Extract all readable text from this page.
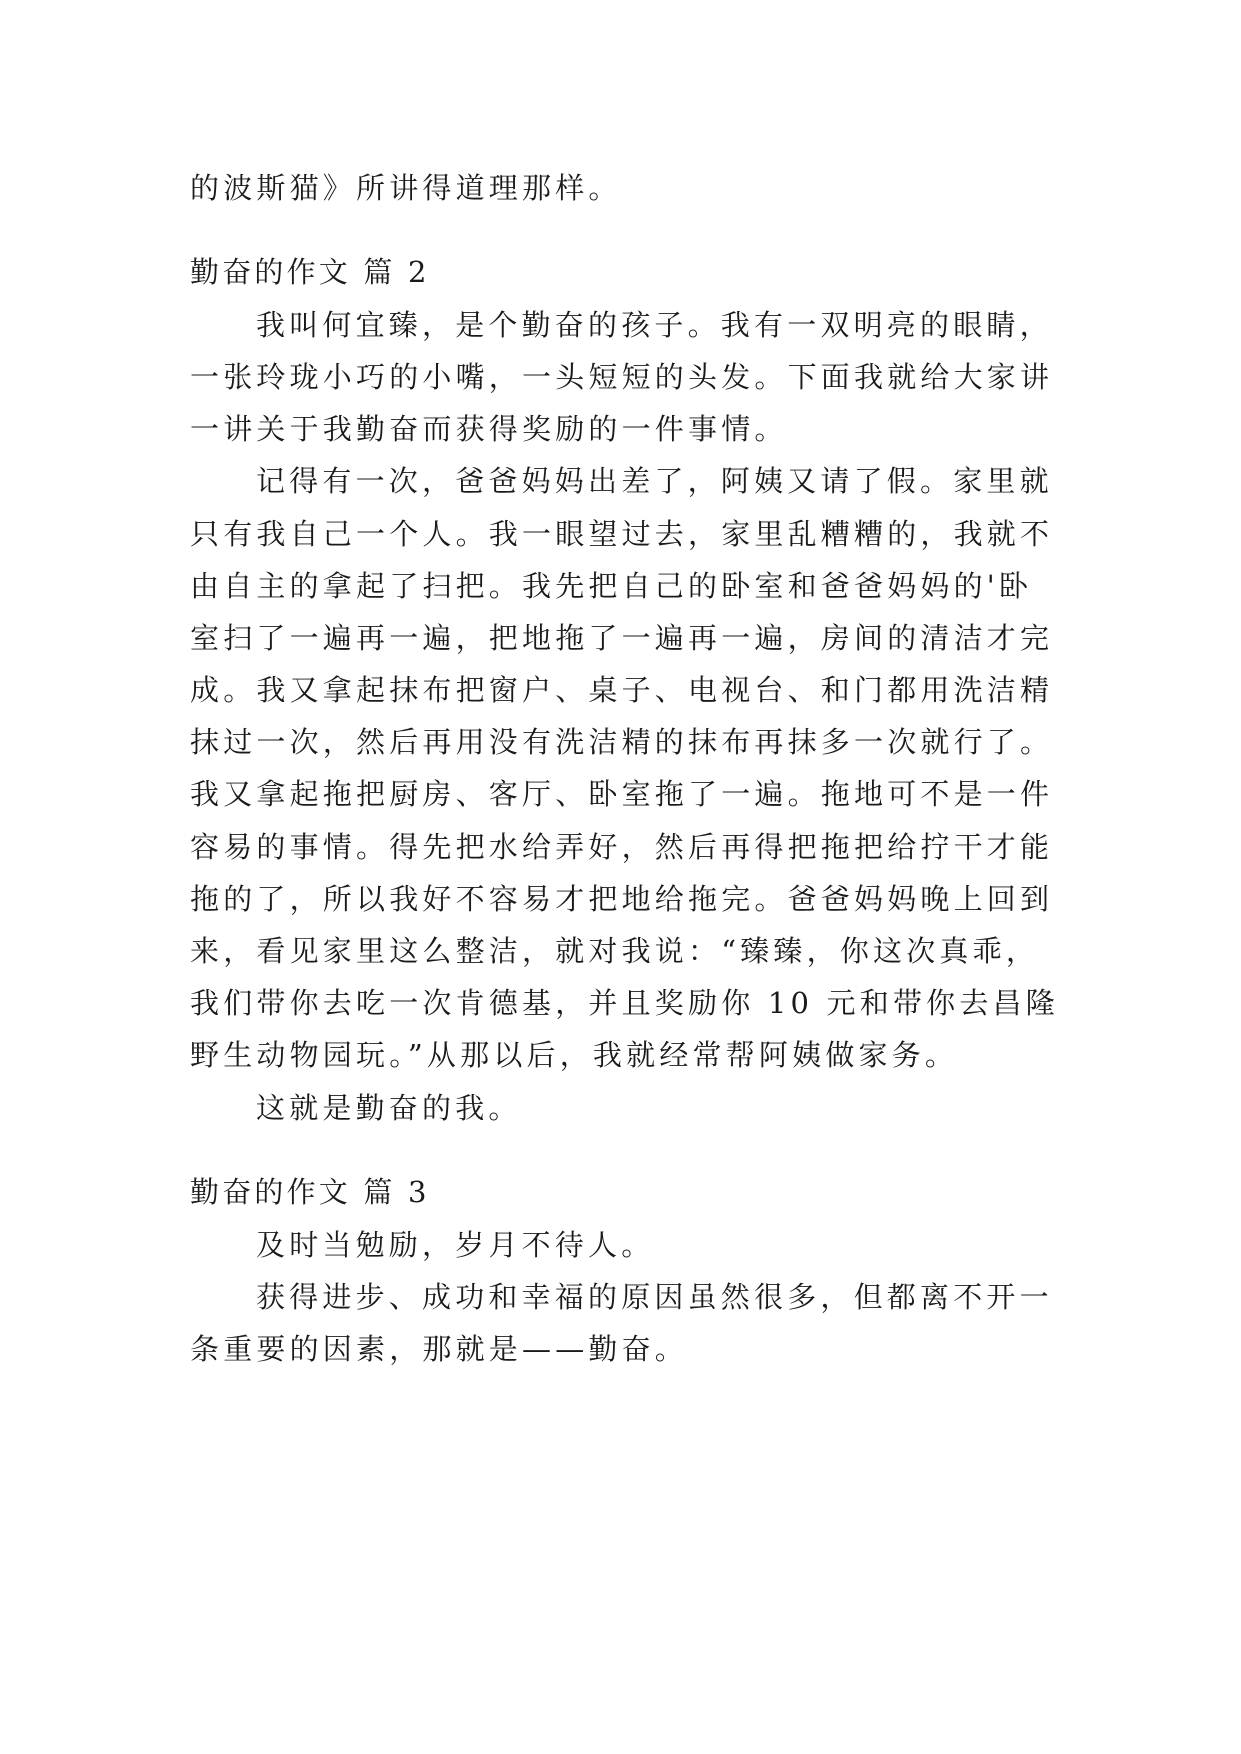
的波斯猫》所讲得道理那样。
勤奋的作文 篇 2
我叫何宜臻，是个勤奋的孩子。我有一双明亮的眼睛，
一张玲珑小巧的小嘴，一头短短的头发。下面我就给大家讲
一讲关于我勤奋而获得奖励的一件事情。
记得有一次，爸爸妈妈出差了，阿姨又请了假。家里就
只有我自己一个人。我一眼望过去，家里乱糟糟的，我就不
由自主的拿起了扫把。我先把自己的卧室和爸爸妈妈的'卧
室扫了一遍再一遍，把地拖了一遍再一遍，房间的清洁才完
成。我又拿起抹布把窗户、桌子、电视台、和门都用洗洁精
抹过一次，然后再用没有洗洁精的抹布再抹多一次就行了。
我又拿起拖把厨房、客厅、卧室拖了一遍。拖地可不是一件
容易的事情。得先把水给弄好，然后再得把拖把给拧干才能
拖的了，所以我好不容易才把地给拖完。爸爸妈妈晚上回到
来，看见家里这么整洁，就对我说：“臻臻，你这次真乖，
我们带你去吃一次肯德基，并且奖励你 10 元和带你去昌隆
野生动物园玩。”从那以后，我就经常帮阿姨做家务。
这就是勤奋的我。
勤奋的作文 篇 3
及时当勉励，岁月不待人。
获得进步、成功和幸福的原因虽然很多，但都离不开一
条重要的因素，那就是——勤奋。
